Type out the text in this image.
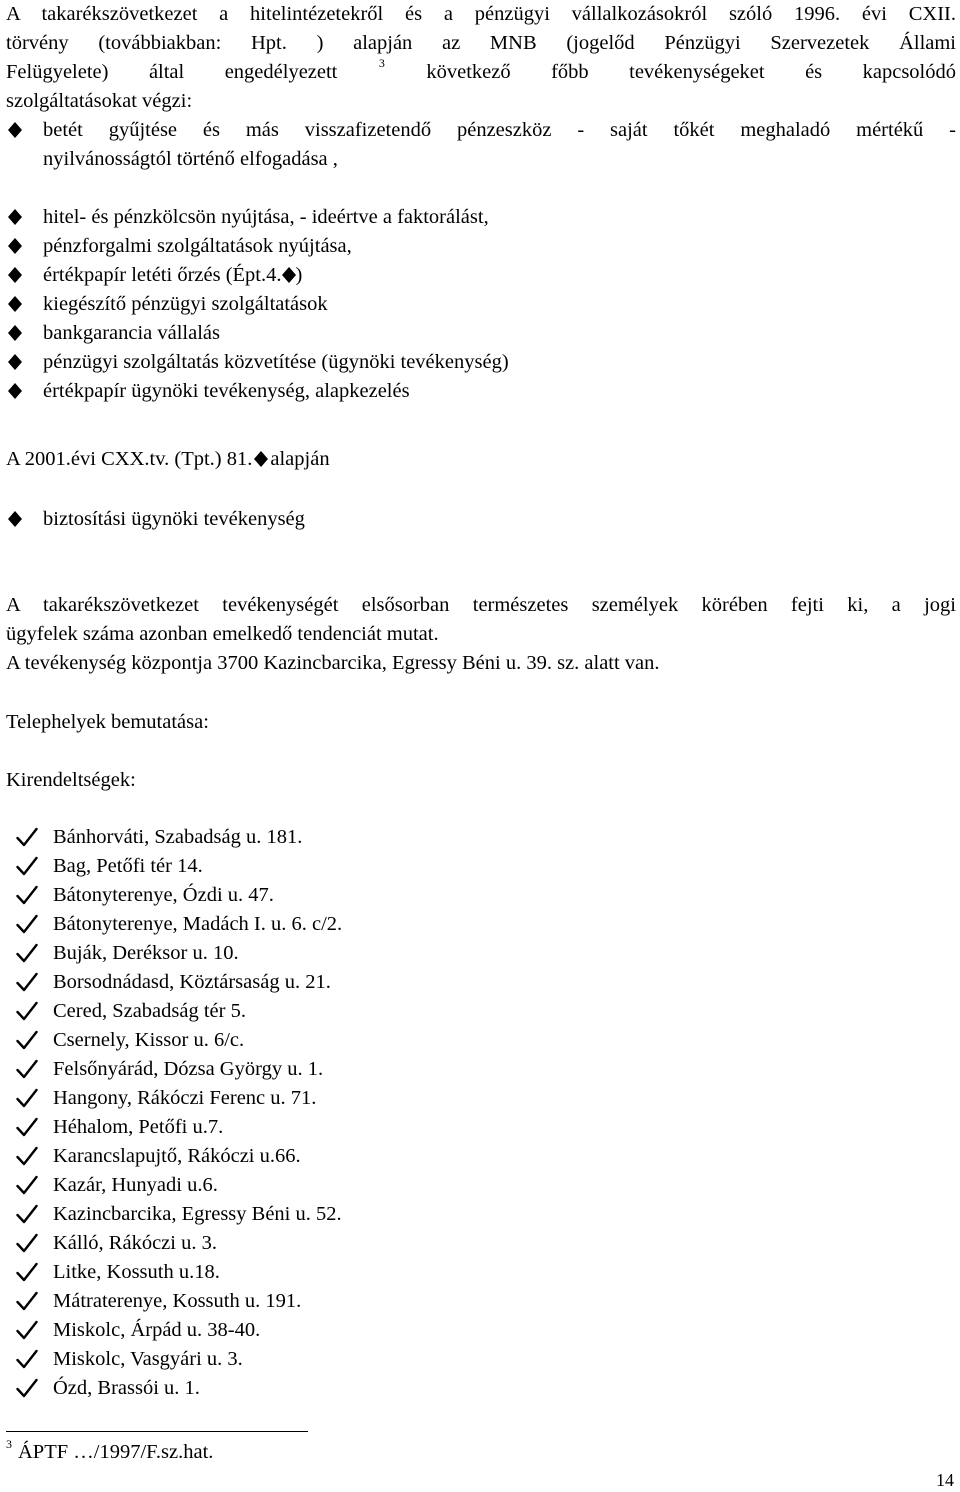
A takarékszövetkezet a hitelintézetekről és a pénzügyi vállalkozásokról szóló 1996. évi CXII.

törvény (továbbiakban: Hpt. ) alapján az MNB (jogelőd Pénzügyi Szervezetek Állami

Felügyelete) által engedélyezett	$^3$ következő főbb tevékenységeket és kapcsolódó

szolgáltatásokat végzi:

betét gyűjtése és más visszafizetendő pénzeszköz - saját tőkét meghaladó mértékű -
nyilvánosságtól történő elfogadása ,
hitel- és pénzkölcsön nyújtása, - ideértve a faktorálást,
pénzforgalmi szolgáltatások nyújtása,
értékpapír letéti őrzés (Épt.4. )
kiegészítő pénzügyi szolgáltatások
bankgarancia vállalás
pénzügyi szolgáltatás közvetítése (ügynöki tevékenység)
értékpapír ügynöki tevékenység, alapkezelés

A 2001.évi CXX.tv. (Tpt.) 81. alapján

biztosítási ügynöki tevékenység

A takarékszövetkezet tevékenységét elsősorban természetes személyek körében fejti ki, a jogi

ügyfelek száma azonban emelkedő tendenciát mutat.

A tevékenység központja 3700 Kazincbarcika, Egressy Béni u. 39. sz. alatt van.

Telephelyek bemutatása:

Kirendeltségek:

Bánhorváti, Szabadság u. 181.
Bag, Petőfi tér 14.
Bátonyterenye, Ózdi u. 47.
Bátonyterenye, Madách I. u. 6. c/2.
Buják, Deréksor u. 10.
Borsodnádasd, Köztársaság u. 21.
Cered, Szabadság tér 5.
Csernely, Kissor u. 6/c.
Felsőnyárád, Dózsa György u. 1.
Hangony, Rákóczi Ferenc u. 71.
Héhalom, Petőfi u.7.
Karancslapujtő, Rákóczi u.66.
Kazár, Hunyadi u.6.
Kazincbarcika, Egressy Béni u. 52.
Kálló, Rákóczi u. 3.
Litke, Kossuth u.18.
Mátraterenye, Kossuth u. 191.
Miskolc, Árpád u. 38-40.
Miskolc, Vasgyári u. 3.
Ózd, Brassói u. 1.
$^3$ ÁPTF …/1997/F.sz.hat.
14
